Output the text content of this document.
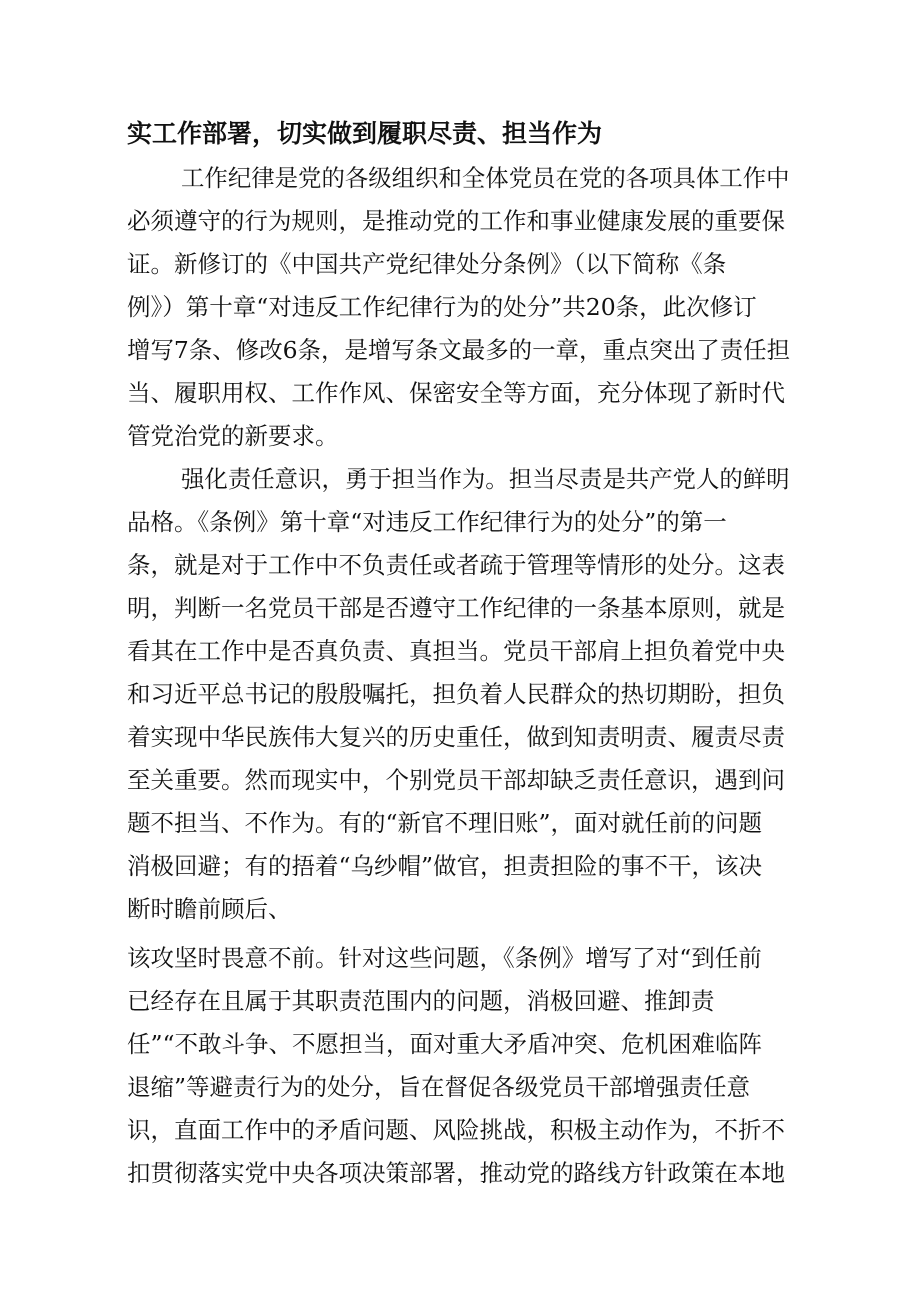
实工作部署，切实做到履职尽责、担当作为
工作纪律是党的各级组织和全体党员在党的各项具体工作中
必须遵守的行为规则，是推动党的工作和事业健康发展的重要保
证。新修订的《中国共产党纪律处分条例》（以下简称《条
例》）第十章“对违反工作纪律行为的处分”共20条，此次修订
增写7条、修改6条，是增写条文最多的一章，重点突出了责任担
当、履职用权、工作作风、保密安全等方面，充分体现了新时代
管党治党的新要求。
强化责任意识，勇于担当作为。担当尽责是共产党人的鲜明
品格。《条例》第十章“对违反工作纪律行为的处分”的第一
条，就是对于工作中不负责任或者疏于管理等情形的处分。这表
明，判断一名党员干部是否遵守工作纪律的一条基本原则，就是
看其在工作中是否真负责、真担当。党员干部肩上担负着党中央
和习近平总书记的殷殷嘱托，担负着人民群众的热切期盼，担负
着实现中华民族伟大复兴的历史重任，做到知责明责、履责尽责
至关重要。然而现实中，个别党员干部却缺乏责任意识，遇到问
题不担当、不作为。有的“新官不理旧账”，面对就任前的问题
消极回避；有的捂着“乌纱帽”做官，担责担险的事不干，该决
断时瞻前顾后、
该攻坚时畏意不前。针对这些问题，《条例》增写了对“到任前
已经存在且属于其职责范围内的问题，消极回避、推卸责
任”“不敢斗争、不愿担当，面对重大矛盾冲突、危机困难临阵
退缩”等避责行为的处分，旨在督促各级党员干部增强责任意
识，直面工作中的矛盾问题、风险挑战，积极主动作为，不折不
扣贯彻落实党中央各项决策部署，推动党的路线方针政策在本地
